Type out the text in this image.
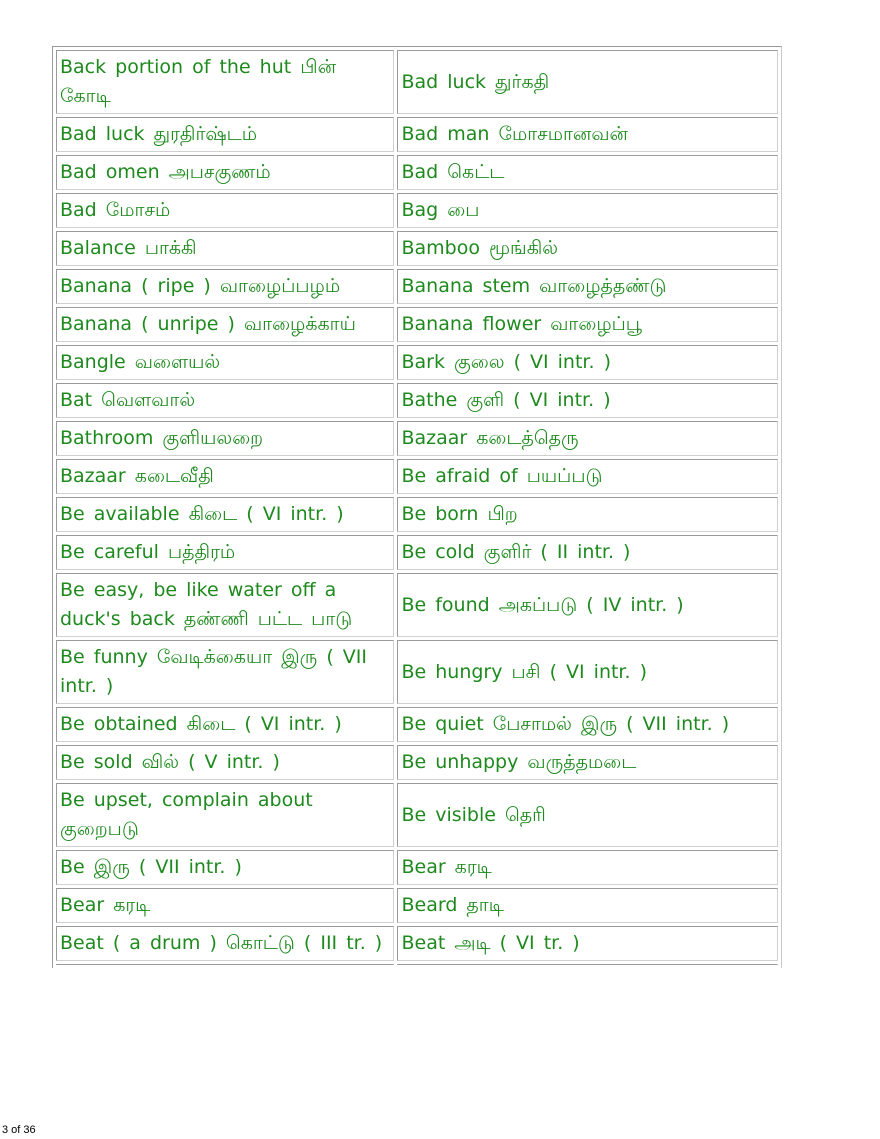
Back portion of the hut பின் கோடி	Bad luck துர்கதி
Bad luck துரதிர்ஷ்டம்	Bad man மோசமானவன்
Bad omen அபசகுணம்	Bad கெட்ட
Bad மோசம்	Bag பை
Balance பாக்கி	Bamboo மூங்கில்
Banana ( ripe ) வாழைப்பழம்	Banana stem வாழைத்தண்டு
Banana ( unripe ) வாழைக்காய்	Banana flower வாழைப்பூ
Bangle வளையல்	Bark குலை ( VI intr. )
Bat வௌவால்	Bathe குளி ( VI intr. )
Bathroom குளியலறை	Bazaar கடைத்தெரு
Bazaar கடைவீதி	Be afraid of பயப்படு
Be available கிடை ( VI intr. )	Be born பிற
Be careful பத்திரம்	Be cold குளிர் ( II intr. )
Be easy, be like water off a duck's back தண்ணி பட்ட பாடு	Be found அகப்படு ( IV intr. )
Be funny வேடிக்கையா இரு ( VII intr. )	Be hungry பசி ( VI intr. )
Be obtained கிடை ( VI intr. )	Be quiet பேசாமல் இரு ( VII intr. )
Be sold வில் ( V intr. )	Be unhappy வருத்தமடை
Be upset, complain about குறைபடு	Be visible தெரி
Be இரு ( VII intr. )	Bear கரடி
Bear கரடி	Beard தாடி
Beat ( a drum ) கொட்டு ( III tr. )	Beat அடி ( VI tr. )

3 of 36
